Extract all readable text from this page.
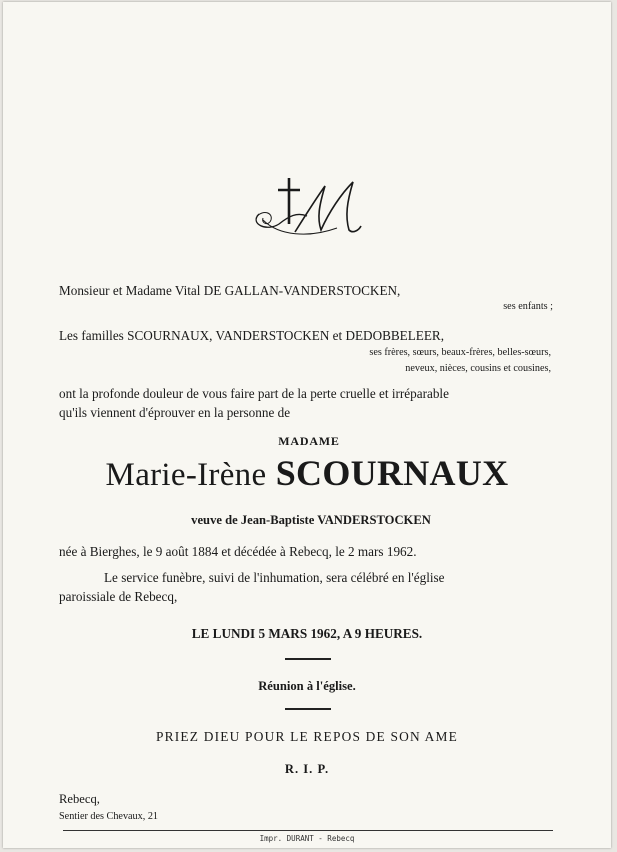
Monsieur et Madame Vital DE GALLAN-VANDERSTOCKEN,
ses enfants ;
Les familles SCOURNAUX, VANDERSTOCKEN et DEDOBBELEER,
ses frères, sœurs, beaux-frères, belles-sœurs,
neveux, nièces, cousins et cousines,
ont la profonde douleur de vous faire part de la perte cruelle et irréparable
qu'ils viennent d'éprouver en la personne de
MADAME
Marie-Irène SCOURNAUX
veuve de Jean-Baptiste VANDERSTOCKEN
née à Bierghes, le 9 août 1884 et décédée à Rebecq, le 2 mars 1962.
Le service funèbre, suivi de l'inhumation, sera célébré en l'église
paroissiale de Rebecq,
LE LUNDI 5 MARS 1962, A 9 HEURES.
Réunion à l'église.
PRIEZ DIEU POUR LE REPOS DE SON AME
R. I. P.
Rebecq,
Sentier des Chevaux, 21
Impr. DURANT - Rebecq
